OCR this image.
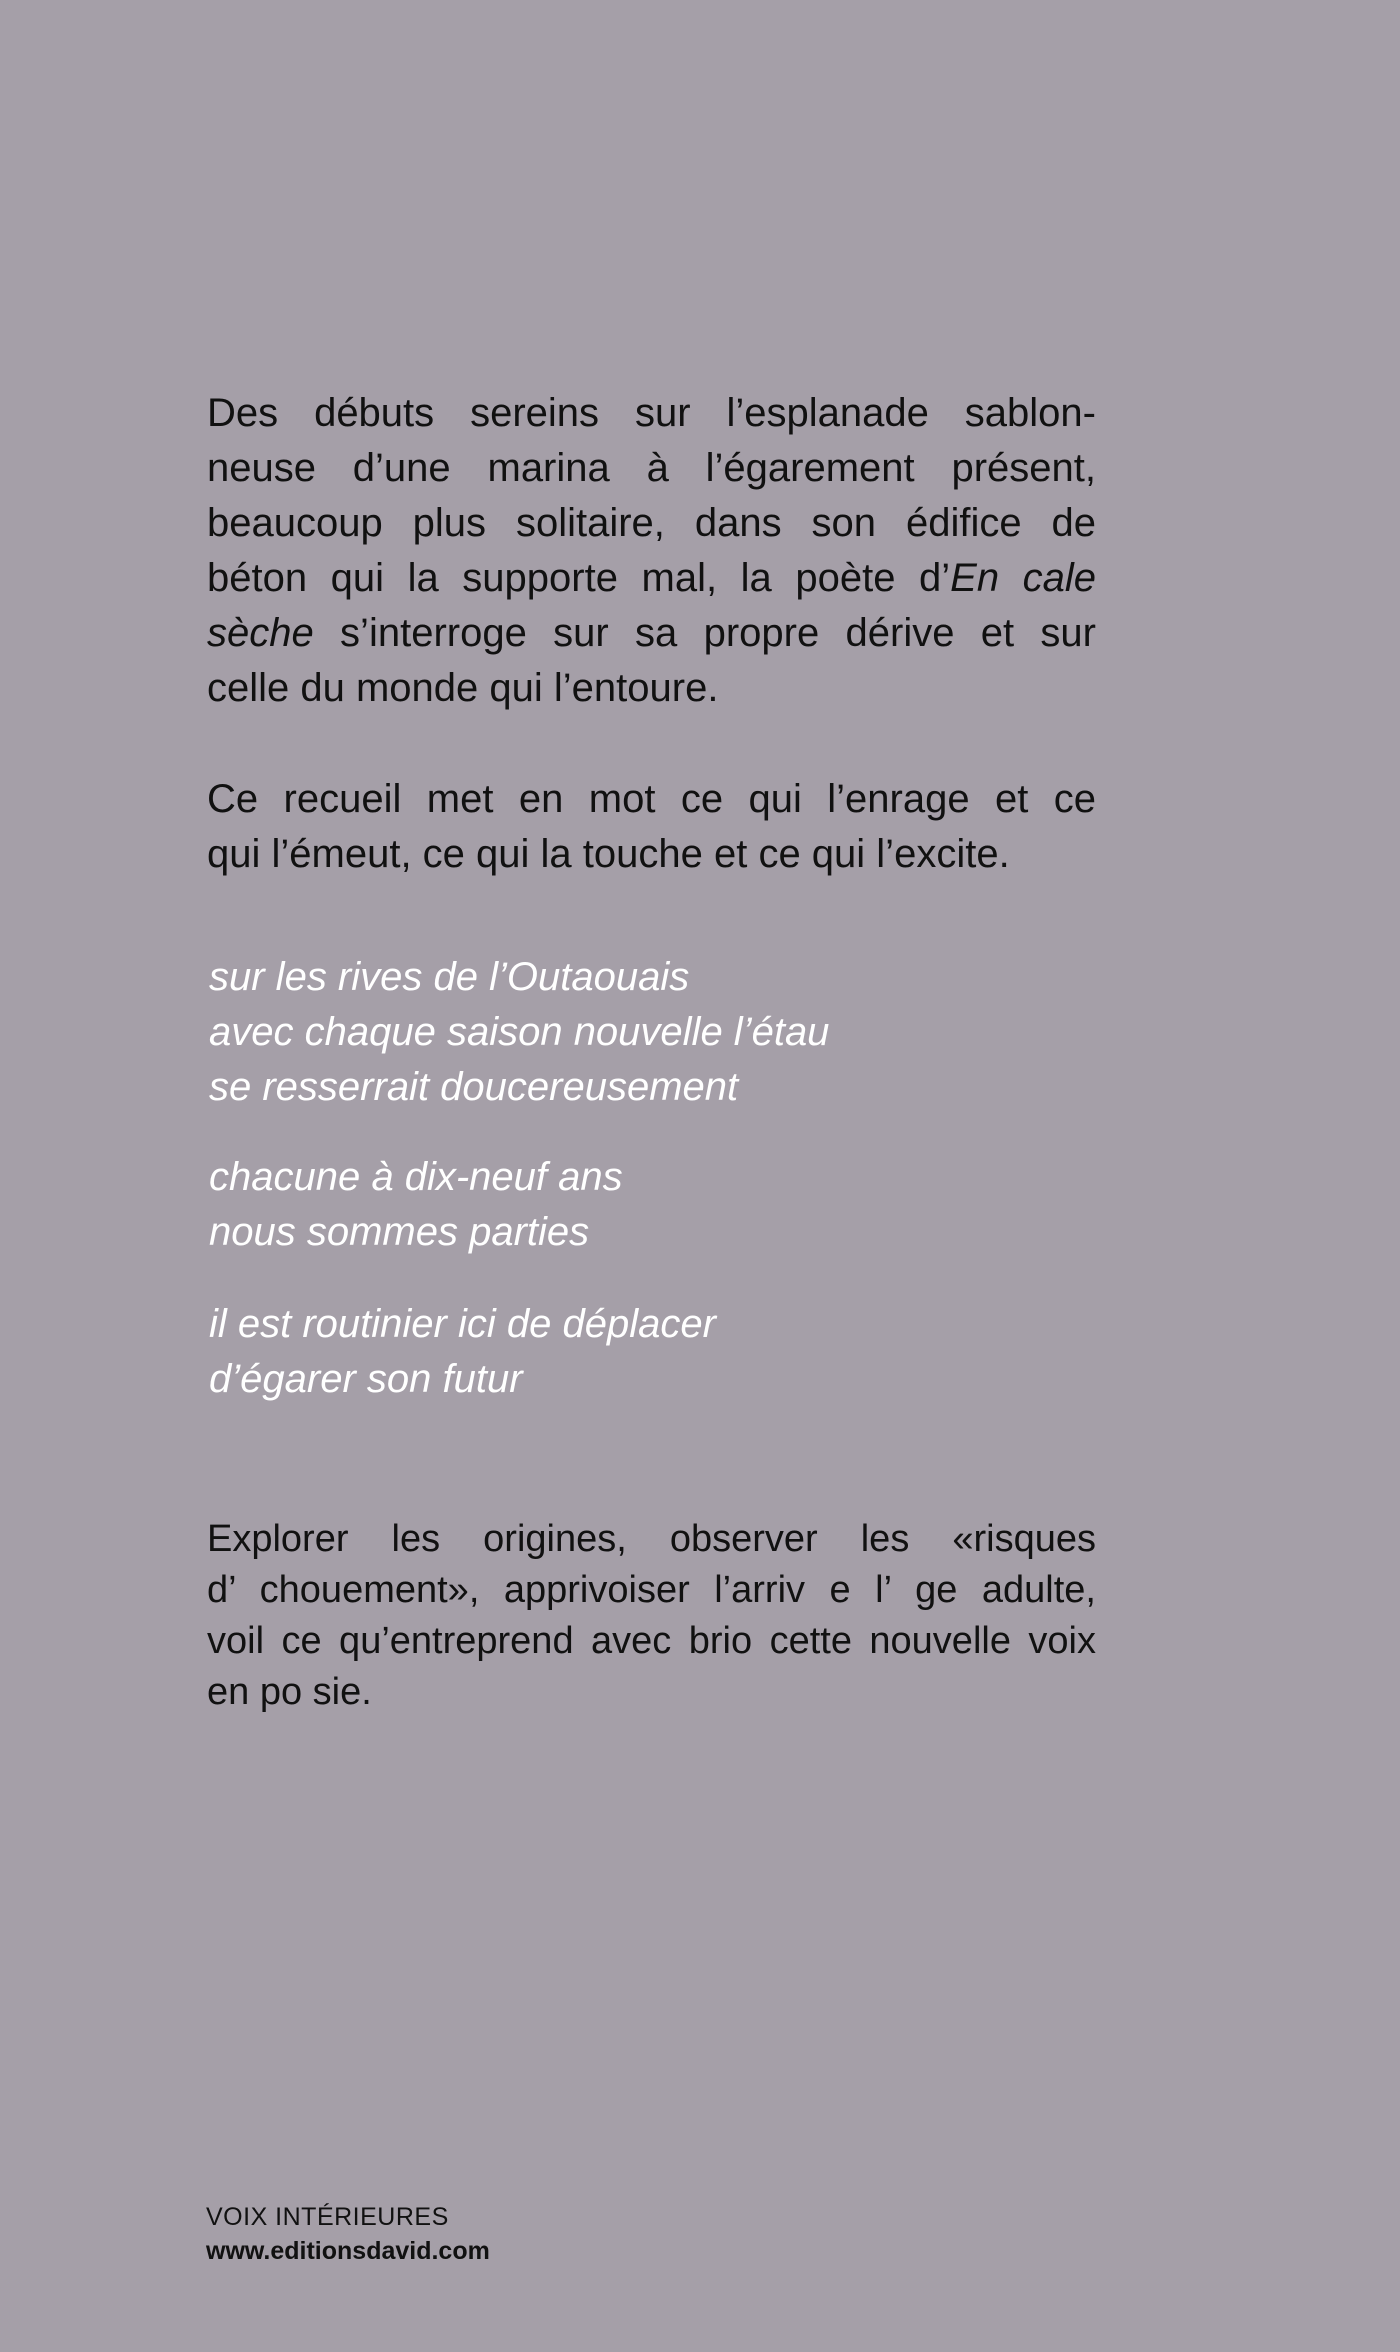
Des débuts sereins sur l’esplanade sablon-
neuse d’une marina à l’égarement présent,
beaucoup plus solitaire, dans son édifice de
béton qui la supporte mal, la poète d’En cale
sèche s’interroge sur sa propre dérive et sur
celle du monde qui l’entoure.

Ce recueil met en mot ce qui l’enrage et ce
qui l’émeut, ce qui la touche et ce qui l’excite.

sur les rives de l’Outaouais
avec chaque saison nouvelle l’étau
se resserrait doucereusement
chacune à dix-neuf ans
nous sommes parties
il est routinier ici de déplacer
d’égarer son futur

Explorer les origines, observer les «risques
d’ chouement», apprivoiser l’arriv e l’ ge adulte,
voil ce qu’entreprend avec brio cette nouvelle voix
en po sie.

VOIX INTÉRIEURES
www.editionsdavid.com
